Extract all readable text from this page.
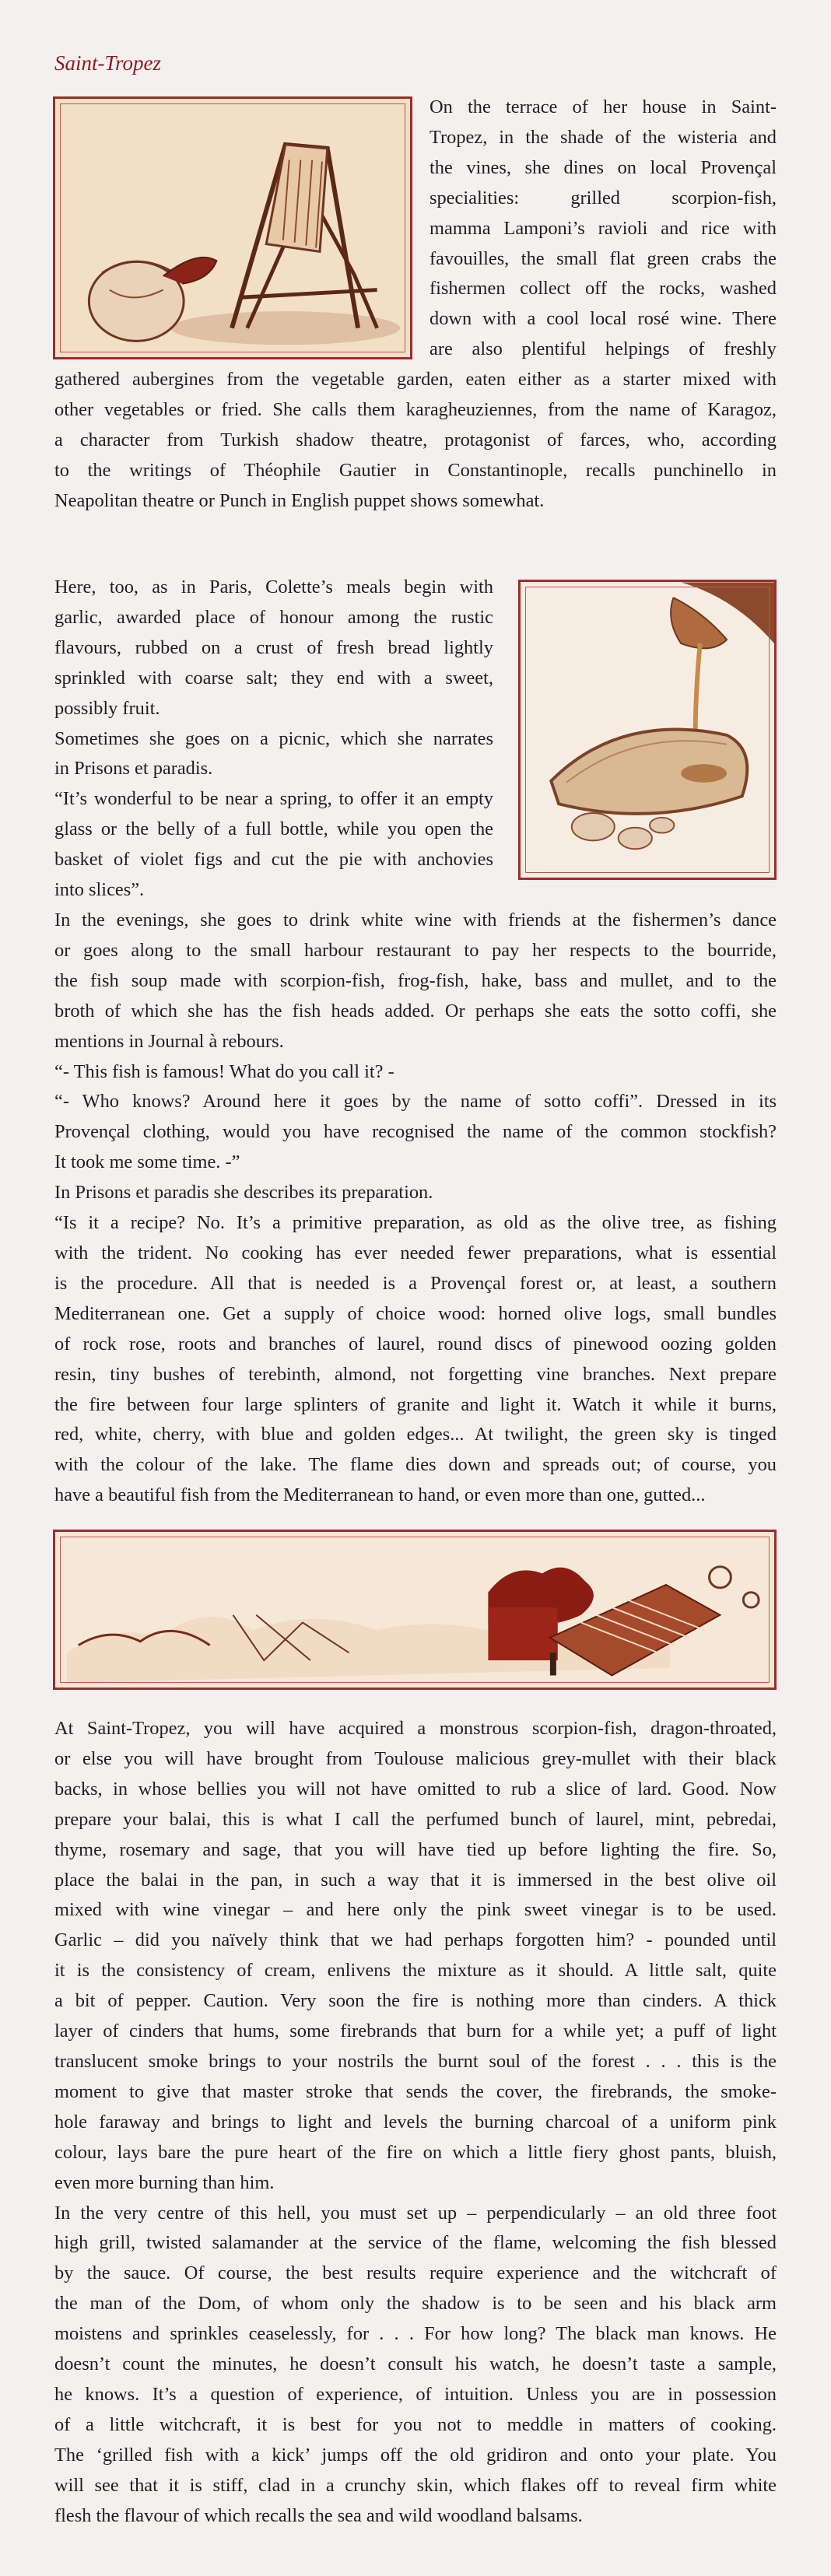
Saint-Tropez
On the terrace of her house in Saint-
Tropez, in the shade of the wisteria and
the vines, she dines on local Provençal
specialities: grilled scorpion-fish,
mamma Lamponi’s ravioli and rice with
favouilles, the small flat green crabs the
fishermen collect off the rocks, washed
down with a cool local rosé wine. There
are also plentiful helpings of freshly
gathered aubergines from the vegetable garden, eaten either as a starter mixed with
other vegetables or fried. She calls them karagheuziennes, from the name of Karagoz,
a character from Turkish shadow theatre, protagonist of farces, who, according
to the writings of Théophile Gautier in Constantinople, recalls punchinello in
Neapolitan theatre or Punch in English puppet shows somewhat.
Here, too, as in Paris, Colette’s meals begin with
garlic, awarded place of honour among the rustic
flavours, rubbed on a crust of fresh bread lightly
sprinkled with coarse salt; they end with a sweet,
possibly fruit.
Sometimes she goes on a picnic, which she narrates
in Prisons et paradis.
“It’s wonderful to be near a spring, to offer it an empty
glass or the belly of a full bottle, while you open the
basket of violet figs and cut the pie with anchovies
into slices”.
In the evenings, she goes to drink white wine with friends at the fishermen’s dance
or goes along to the small harbour restaurant to pay her respects to the bourride,
the fish soup made with scorpion-fish, frog-fish, hake, bass and mullet, and to the
broth of which she has the fish heads added. Or perhaps she eats the sotto coffi, she
mentions in Journal à rebours.
“- This fish is famous! What do you call it? -
“- Who knows? Around here it goes by the name of sotto coffi”. Dressed in its
Provençal clothing, would you have recognised the name of the common stockfish?
It took me some time. -”
In Prisons et paradis she describes its preparation.
“Is it a recipe? No. It’s a primitive preparation, as old as the olive tree, as fishing
with the trident. No cooking has ever needed fewer preparations, what is essential
is the procedure. All that is needed is a Provençal forest or, at least, a southern
Mediterranean one. Get a supply of choice wood: horned olive logs, small bundles
of rock rose, roots and branches of laurel, round discs of pinewood oozing golden
resin, tiny bushes of terebinth, almond, not forgetting vine branches. Next prepare
the fire between four large splinters of granite and light it. Watch it while it burns,
red, white, cherry, with blue and golden edges... At twilight, the green sky is tinged
with the colour of the lake. The flame dies down and spreads out; of course, you
have a beautiful fish from the Mediterranean to hand, or even more than one, gutted...
At Saint-Tropez, you will have acquired a monstrous scorpion-fish, dragon-throated,
or else you will have brought from Toulouse malicious grey-mullet with their black
backs, in whose bellies you will not have omitted to rub a slice of lard. Good. Now
prepare your balai, this is what I call the perfumed bunch of laurel, mint, pebredai,
thyme, rosemary and sage, that you will have tied up before lighting the fire. So,
place the balai in the pan, in such a way that it is immersed in the best olive oil
mixed with wine vinegar – and here only the pink sweet vinegar is to be used.
Garlic – did you naïvely think that we had perhaps forgotten him? - pounded until
it is the consistency of cream, enlivens the mixture as it should. A little salt, quite
a bit of pepper. Caution. Very soon the fire is nothing more than cinders. A thick
layer of cinders that hums, some firebrands that burn for a while yet; a puff of light
translucent smoke brings to your nostrils the burnt soul of the forest . . . this is the
moment to give that master stroke that sends the cover, the firebrands, the smoke-
hole faraway and brings to light and levels the burning charcoal of a uniform pink
colour, lays bare the pure heart of the fire on which a little fiery ghost pants, bluish,
even more burning than him.
In the very centre of this hell, you must set up – perpendicularly – an old three foot
high grill, twisted salamander at the service of the flame, welcoming the fish blessed
by the sauce. Of course, the best results require experience and the witchcraft of
the man of the Dom, of whom only the shadow is to be seen and his black arm
moistens and sprinkles ceaselessly, for . . . For how long? The black man knows. He
doesn’t count the minutes, he doesn’t consult his watch, he doesn’t taste a sample,
he knows. It’s a question of experience, of intuition. Unless you are in possession
of a little witchcraft, it is best for you not to meddle in matters of cooking.
The ‘grilled fish with a kick’ jumps off the old gridiron and onto your plate. You
will see that it is stiff, clad in a crunchy skin, which flakes off to reveal firm white
flesh the flavour of which recalls the sea and wild woodland balsams.
